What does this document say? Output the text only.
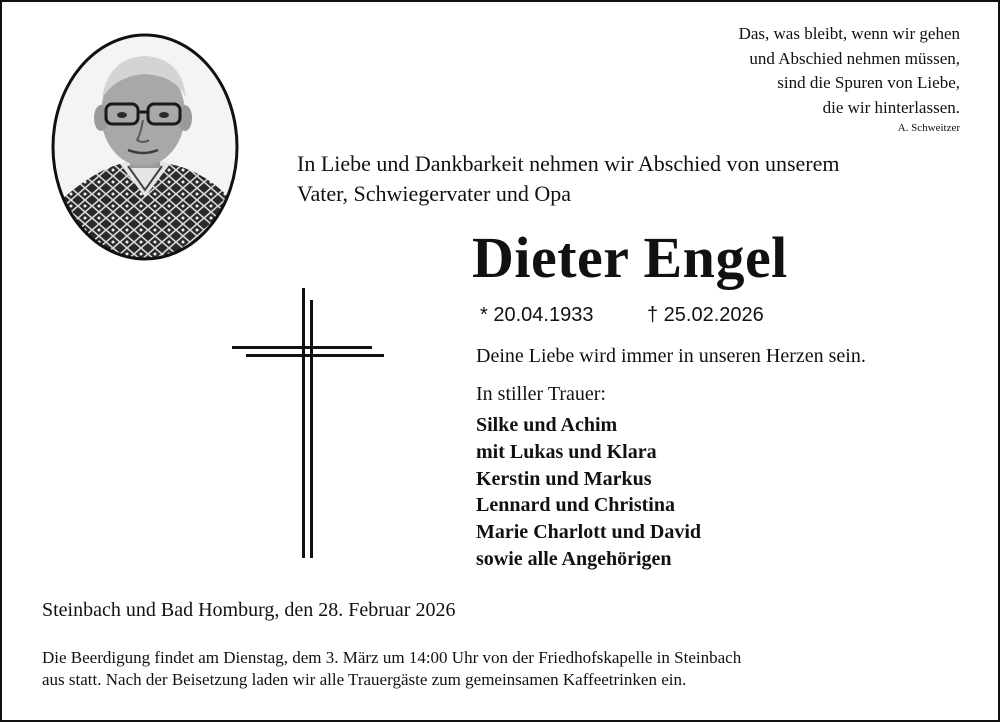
Das, was bleibt, wenn wir gehen
und Abschied nehmen müssen,
sind die Spuren von Liebe,
die wir hinterlassen.
A. Schweitzer
In Liebe und Dankbarkeit nehmen wir Abschied von unserem
Vater, Schwiegervater und Opa
Dieter Engel
* 20.04.1933	† 25.02.2026
Deine Liebe wird immer in unseren Herzen sein.
In stiller Trauer:
Silke und Achim
mit Lukas und Klara
Kerstin und Markus
Lennard und Christina
Marie Charlott und David
sowie alle Angehörigen
Steinbach und Bad Homburg, den 28. Februar 2026
Die Beerdigung findet am Dienstag, dem 3. März um 14:00 Uhr von der Friedhofskapelle in Steinbach
aus statt. Nach der Beisetzung laden wir alle Trauergäste zum gemeinsamen Kaffeetrinken ein.
